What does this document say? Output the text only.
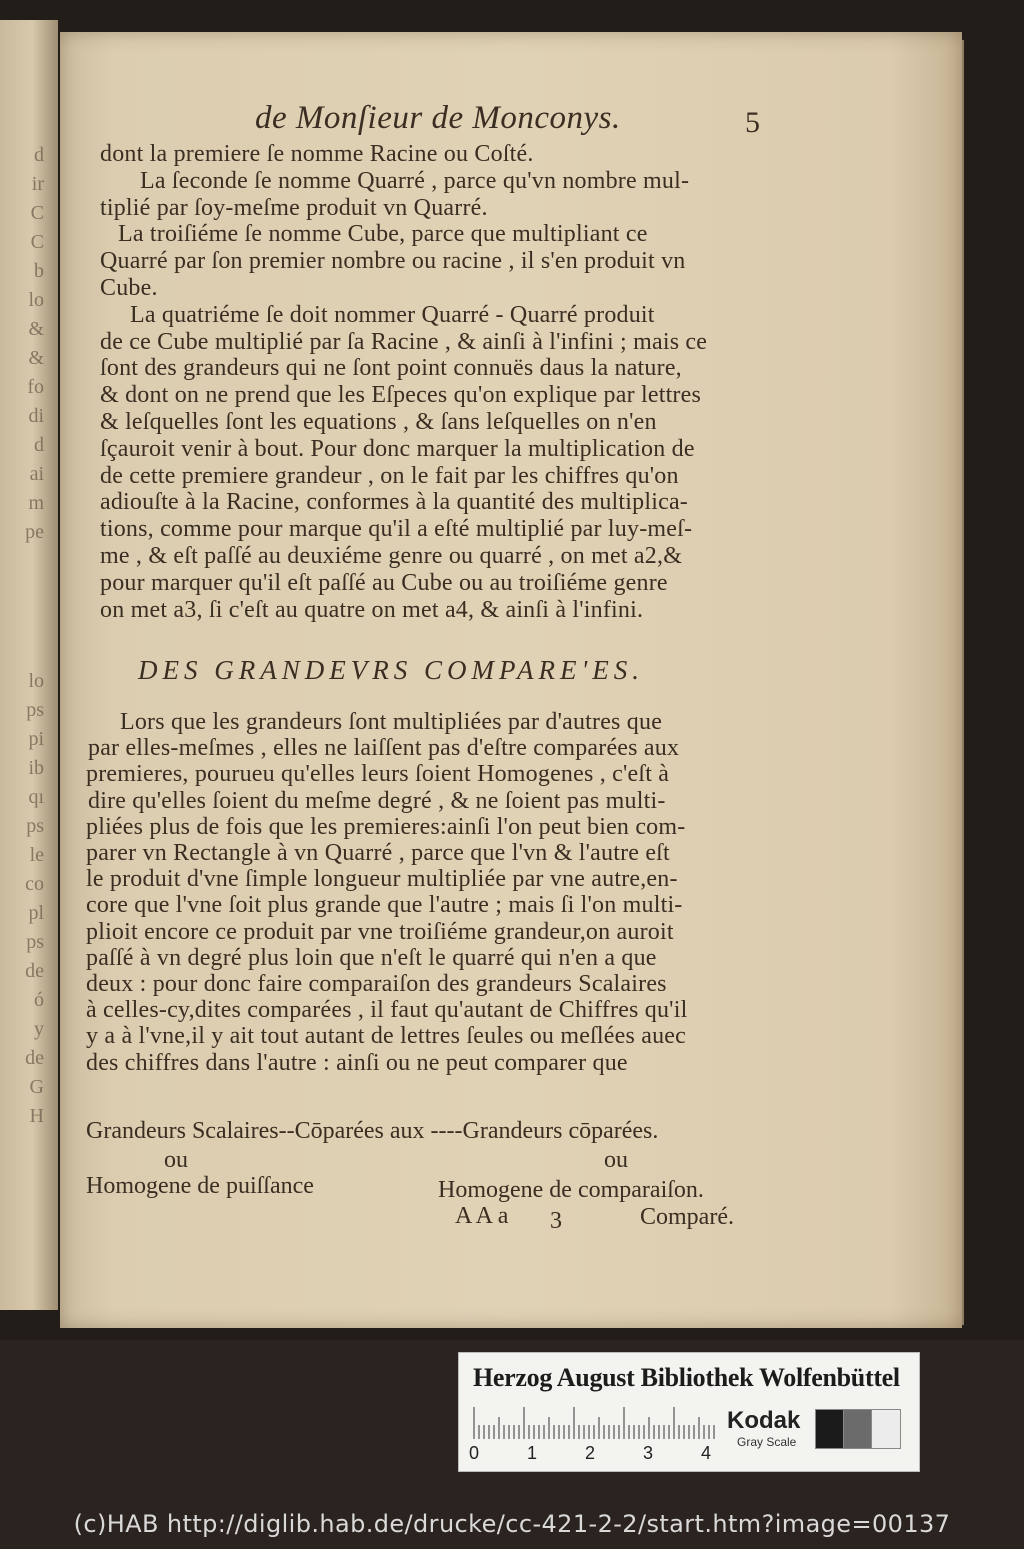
d
ir
C
C
b
lo
&
&
fo
di
d
ai
m
pe
lo
ps
pi
ib
qı
ps
le
co
pl
ps
de
ó
y
de
G
H
de Monſieur de Monconys.	5
dont la premiere ſe nomme Racine ou Coſté.
La ſeconde ſe nomme Quarré , parce qu'vn nombre mul-
tiplié par ſoy-meſme produit vn Quarré.
La troiſiéme ſe nomme Cube, parce que multipliant ce
Quarré par ſon premier nombre ou racine , il s'en produit vn
Cube.
La quatriéme ſe doit nommer Quarré - Quarré produit
de ce Cube multiplié par ſa Racine , & ainſi à l'infini ; mais ce
ſont des grandeurs qui ne ſont point connuës daus la nature,
& dont on ne prend que les Eſpeces qu'on explique par lettres
& leſquelles ſont les equations , & ſans leſquelles on n'en
ſçauroit venir à bout. Pour donc marquer la multiplication de
de cette premiere grandeur , on le fait par les chiffres qu'on
adiouſte à la Racine, conformes à la quantité des multiplica-
tions, comme pour marque qu'il a eſté multiplié par luy-meſ-
me , & eſt paſſé au deuxiéme genre ou quarré , on met a2,&
pour marquer qu'il eſt paſſé au Cube ou au troiſiéme genre
on met a3, ſi c'eſt au quatre on met a4, & ainſi à l'infini.
DES GRANDEVRS COMPARE'ES.
Lors que les grandeurs ſont multipliées par d'autres que
par elles-meſmes , elles ne laiſſent pas d'eſtre comparées aux
premieres, pourueu qu'elles leurs ſoient Homogenes , c'eſt à
dire qu'elles ſoient du meſme degré , & ne ſoient pas multi-
pliées plus de fois que les premieres:ainſi l'on peut bien com-
parer vn Rectangle à vn Quarré , parce que l'vn & l'autre eſt
le produit d'vne ſimple longueur multipliée par vne autre,en-
core que l'vne ſoit plus grande que l'autre ; mais ſi l'on multi-
plioit encore ce produit par vne troiſiéme grandeur,on auroit
paſſé à vn degré plus loin que n'eſt le quarré qui n'en a que
deux : pour donc faire comparaiſon des grandeurs Scalaires
à celles-cy,dites comparées , il faut qu'autant de Chiffres qu'il
y a à l'vne,il y ait tout autant de lettres ſeules ou meſlées auec
des chiffres dans l'autre : ainſi ou ne peut comparer que
Grandeurs Scalaires--Cōparées aux ----Grandeurs cōparées.
ou	ou
Homogene de puiſſance	Homogene de comparaiſon.
A A a 3	Comparé.
Herzog August Bibliothek Wolfenbüttel
0	1	2	3	4
Kodak
Gray Scale
(c)HAB http://diglib.hab.de/drucke/cc-421-2-2/start.htm?image=00137
